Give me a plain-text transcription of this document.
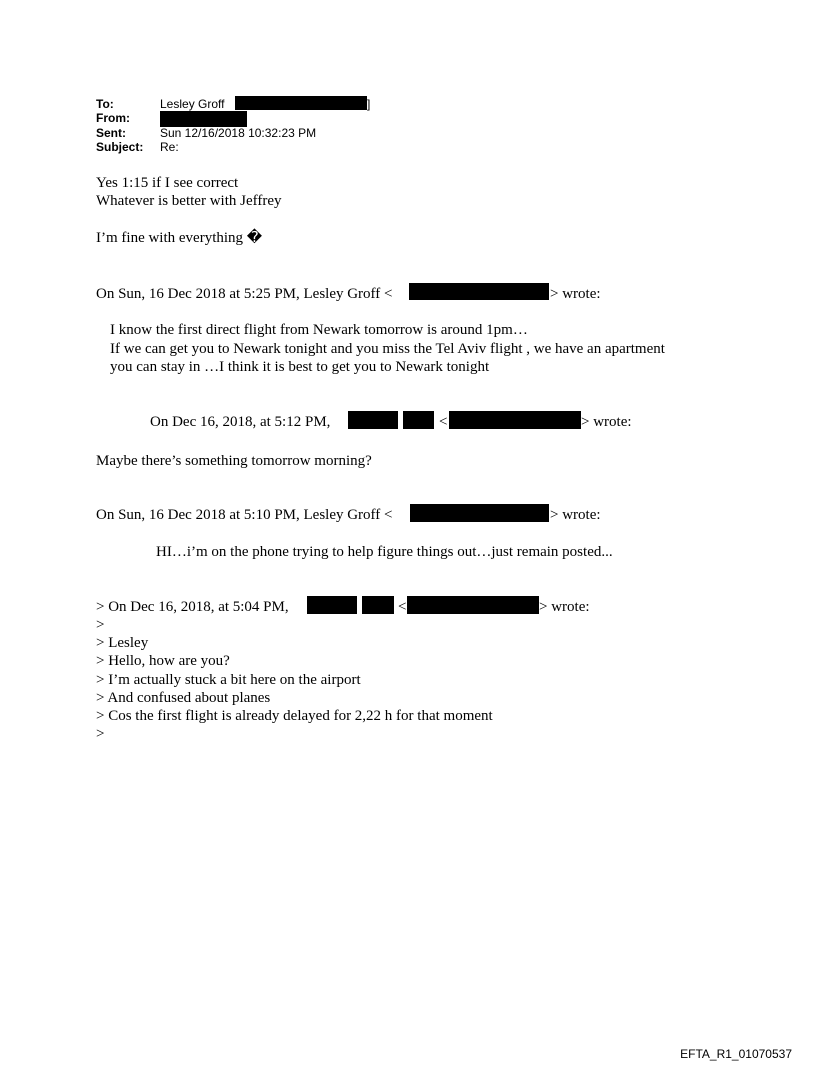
To:	Lesley Groff	]
From:
Sent:	Sun 12/16/2018 10:32:23 PM
Subject: Re:
Yes 1:15 if I see correct
Whatever is better with Jeffrey
I’m fine with everything �
On Sun, 16 Dec 2018 at 5:25 PM, Lesley Groff <	> wrote:
I know the first direct flight from Newark tomorrow is around 1pm…
If we can get you to Newark tonight and you miss the Tel Aviv flight , we have an apartment
you can stay in …I think it is best to get you to Newark tonight
On Dec 16, 2018, at 5:12 PM,	<	> wrote:
Maybe there’s something tomorrow morning?
On Sun, 16 Dec 2018 at 5:10 PM, Lesley Groff <	> wrote:
HI…i’m on the phone trying to help figure things out…just remain posted...
> On Dec 16, 2018, at 5:04 PM,	<	> wrote:
>
> Lesley
> Hello, how are you?
> I’m actually stuck a bit here on the airport
> And confused about planes
> Cos the first flight is already delayed for 2,22 h for that moment
>
EFTA_R1_01070537
